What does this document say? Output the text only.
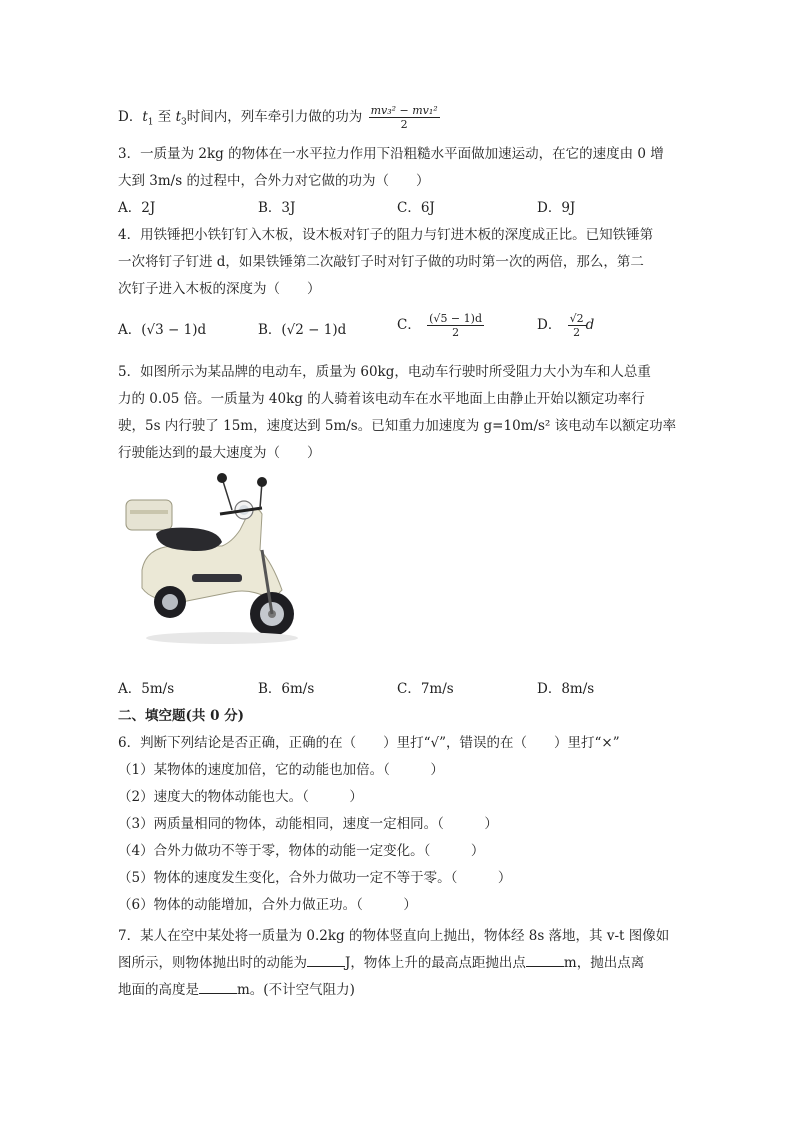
D．$t_1$ 至 $t_3$时间内，列车牵引力做的功为 $\frac{\text{mv₃² − mv₁²}}{2}$
3．一质量为 2kg 的物体在一水平拉力作用下沿粗糙水平面做加速运动，在它的速度由 0 增
大到 3m/s 的过程中，合外力对它做的功为（　　）
A．2J	B．3J	C．6J	D．9J
4．用铁锤把小铁钉钉入木板，设木板对钉子的阻力与钉进木板的深度成正比。已知铁锤第
一次将钉子钉进 d，如果铁锤第二次敲钉子时对钉子做的功时第一次的两倍，那么，第二
次钉子进入木板的深度为（　　）
A．(√3 − 1)d	B．(√2 − 1)d	C． $\frac{(√5 - 1)d}{2}$	D． $\frac{√2}{2}$ d
5．如图所示为某品牌的电动车，质量为 60kg，电动车行驶时所受阻力大小为车和人总重
力的 0.05 倍。一质量为 40kg 的人骑着该电动车在水平地面上由静止开始以额定功率行
驶，5s 内行驶了 15m，速度达到 5m/s。已知重力加速度为 g=10m/s² 该电动车以额定功率
行驶能达到的最大速度为（　　）
A．5m/s	B．6m/s	C．7m/s	D．8m/s
二、填空题(共 0 分)
6．判断下列结论是否正确，正确的在（　　）里打“√”，错误的在（　　）里打“×”
（1）某物体的速度加倍，它的动能也加倍。（　　　）
（2）速度大的物体动能也大。（　　　）
（3）两质量相同的物体，动能相同，速度一定相同。（　　　）
（4）合外力做功不等于零，物体的动能一定变化。（　　　）
（5）物体的速度发生变化，合外力做功一定不等于零。（　　　）
（6）物体的动能增加，合外力做正功。（　　　）
7．某人在空中某处将一质量为 0.2kg 的物体竖直向上抛出，物体经 8s 落地，其 v-t 图像如
图所示，则物体抛出时的动能为	J，物体上升的最高点距抛出点	m，抛出点离
地面的高度是	m。(不计空气阻力)
